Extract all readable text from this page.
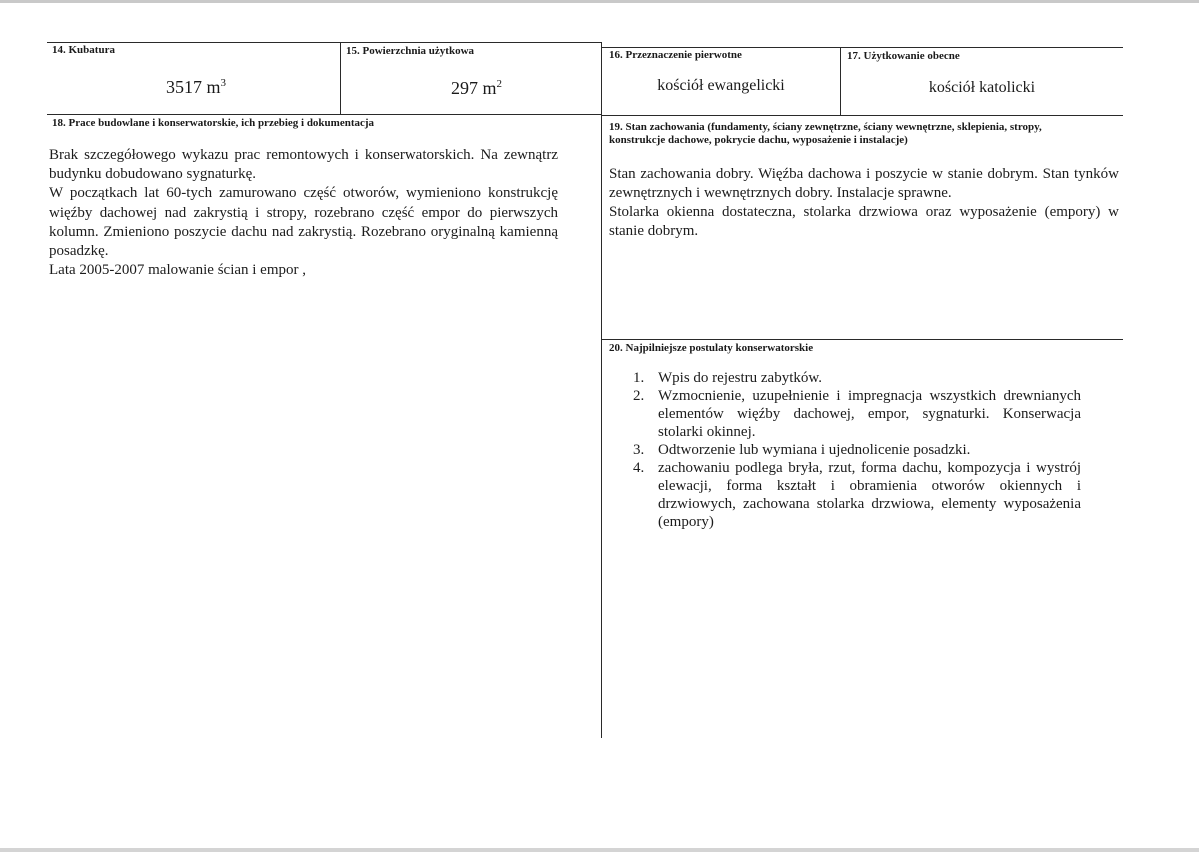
14. Kubatura
3517 $m^3$
15. Powierzchnia użytkowa
297 $m^2$
16. Przeznaczenie pierwotne
kościół ewangelicki
17. Użytkowanie obecne
kościół katolicki
18. Prace budowlane i konserwatorskie, ich przebieg i dokumentacja

Brak szczegółowego wykazu prac remontowych i konserwatorskich. Na zewnątrz budynku dobudowano sygnaturkę.

W początkach lat 60-tych zamurowano część otworów, wymieniono konstrukcję więźby dachowej nad zakrystią i stropy, rozebrano część empor do pierwszych kolumn. Zmieniono poszycie dachu nad zakrystią. Rozebrano oryginalną kamienną posadzkę.

Lata 2005-2007 malowanie ścian i empor ,

19. Stan zachowania (fundamenty, ściany zewnętrzne, ściany wewnętrzne, sklepienia, stropy,
konstrukcje dachowe, pokrycie dachu, wyposażenie i instalacje)

Stan zachowania dobry. Więźba dachowa i poszycie w stanie dobrym. Stan tynków zewnętrznych i wewnętrznych dobry. Instalacje sprawne.

Stolarka okienna dostateczna, stolarka drzwiowa oraz wyposażenie (empory) w stanie dobrym.

20. Najpilniejsze postulaty konserwatorskie
1. Wpis do rejestru zabytków.
2. Wzmocnienie, uzupełnienie i impregnacja wszystkich drewnianych elementów więźby dachowej, empor, sygnaturki. Konserwacja stolarki okinnej.
3. Odtworzenie lub wymiana i ujednolicenie posadzki.
4. zachowaniu podlega bryła, rzut, forma dachu, kompozycja i wystrój elewacji, forma kształt i obramienia otworów okiennych i drzwiowych, zachowana stolarka drzwiowa, elementy wyposażenia (empory)
